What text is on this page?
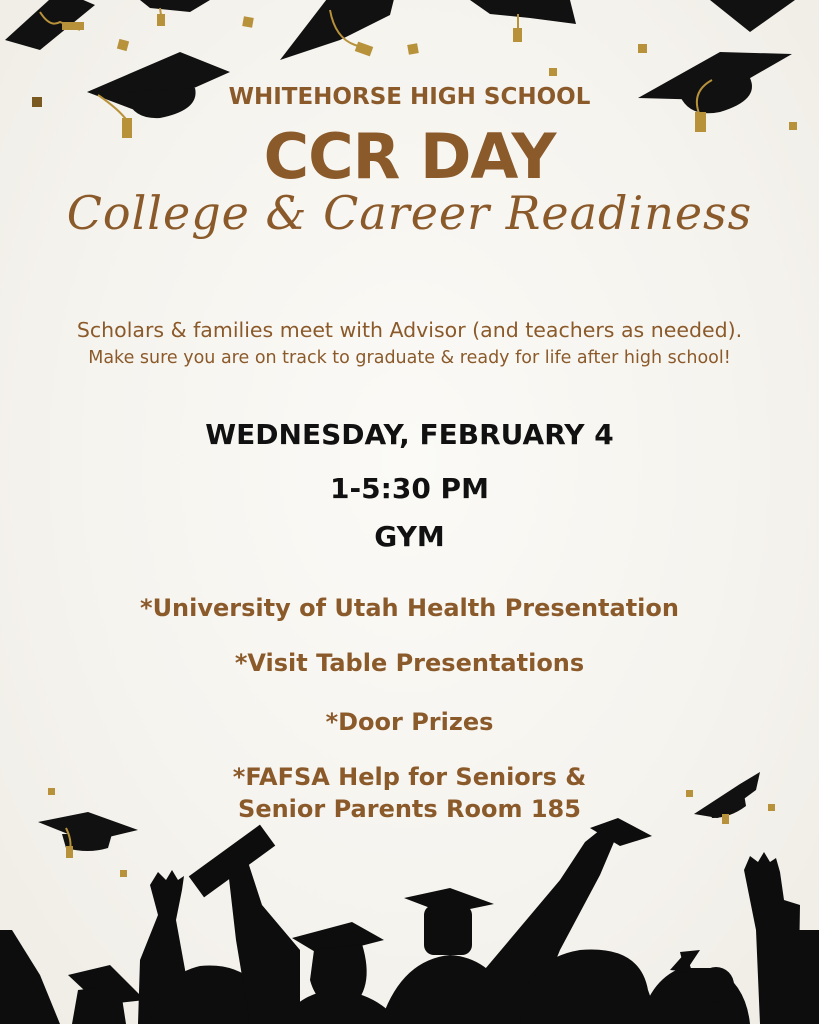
WHITEHORSE HIGH SCHOOL
CCR DAY
College & Career Readiness
Scholars & families meet with Advisor (and teachers as needed).
Make sure you are on track to graduate & ready for life after high school!
WEDNESDAY, FEBRUARY 4
1-5:30 PM
GYM
*University of Utah Health Presentation
*Visit Table Presentations
*Door Prizes
*FAFSA Help for Seniors &
Senior Parents Room 185
